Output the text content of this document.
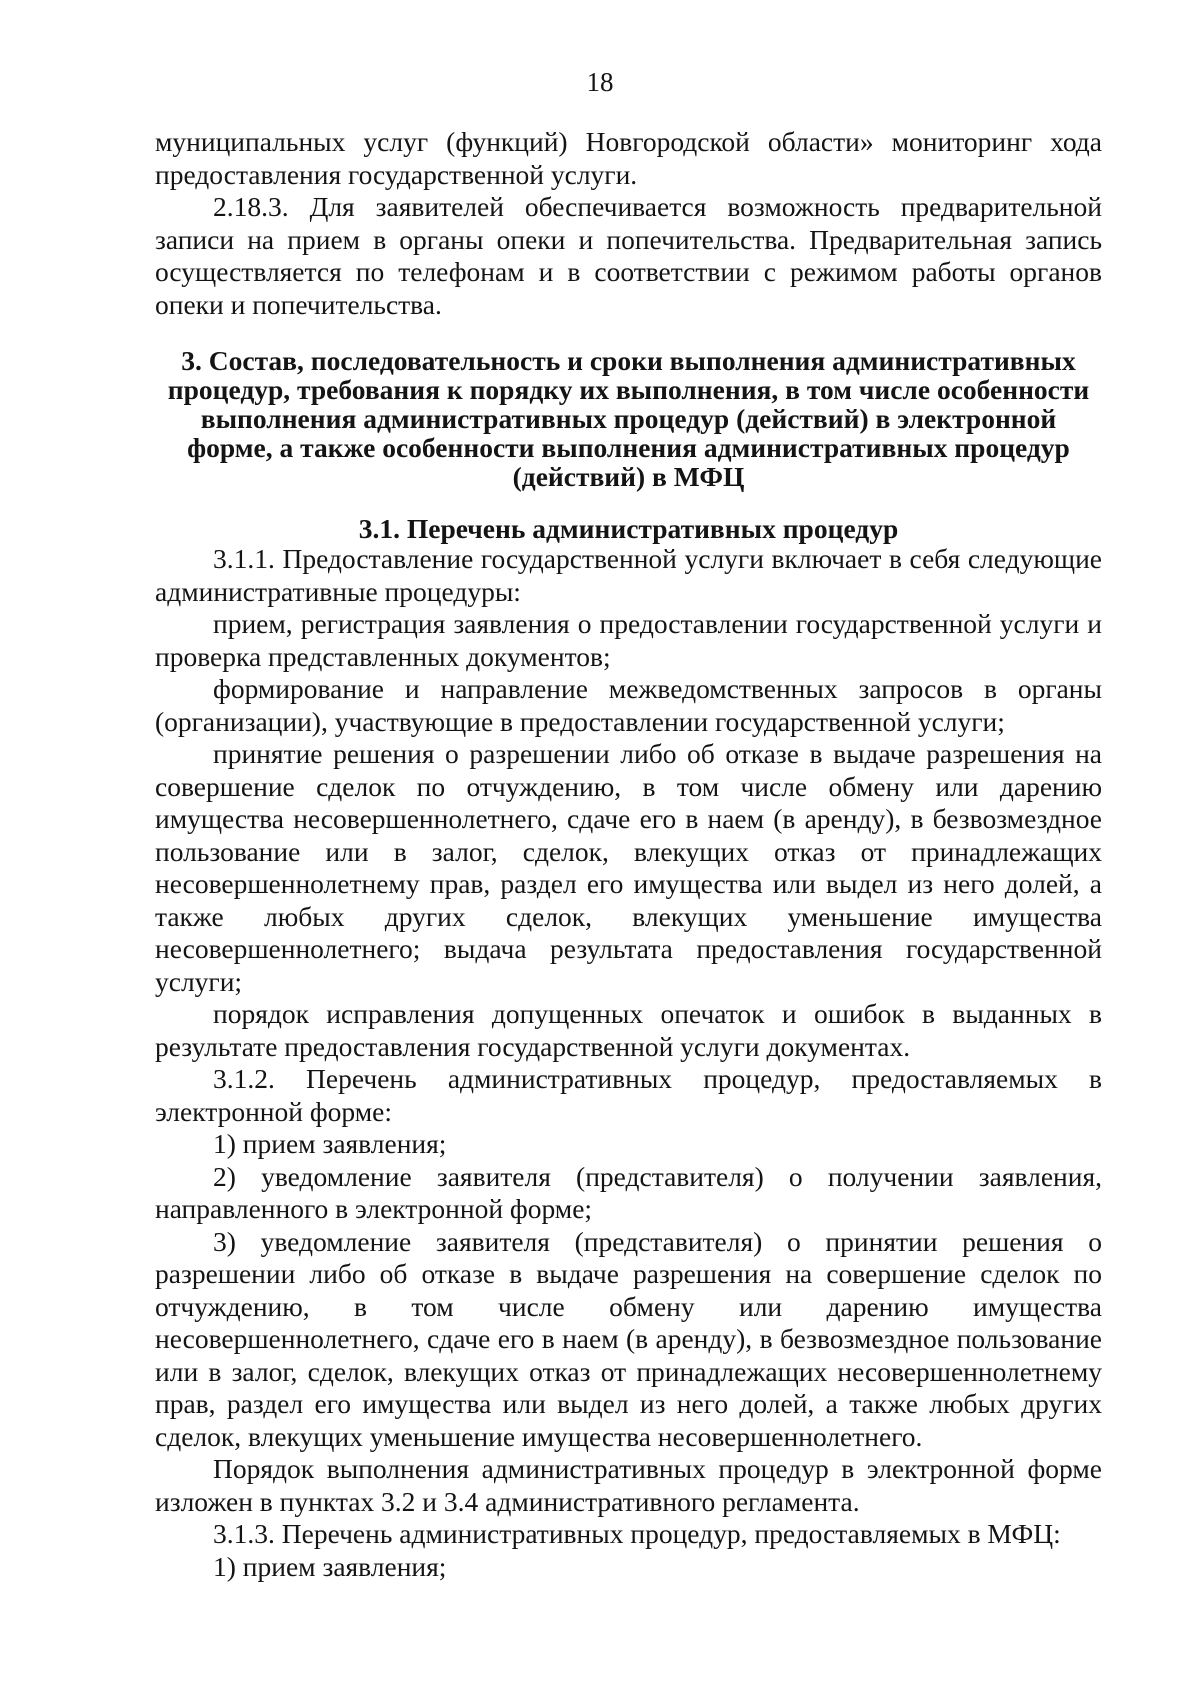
18

муниципальных услуг (функций) Новгородской области» мониторинг хода предоставления государственной услуги.

2.18.3. Для заявителей обеспечивается возможность предварительной записи на прием в органы опеки и попечительства. Предварительная запись осуществляется по телефонам и в соответствии с режимом работы органов опеки и попечительства.

3. Состав, последовательность и сроки выполнения административных процедур, требования к порядку их выполнения, в том числе особенности выполнения административных процедур (действий) в электронной форме, а также особенности выполнения административных процедур (действий) в МФЦ

3.1. Перечень административных процедур

3.1.1. Предоставление государственной услуги включает в себя следующие административные процедуры:

прием, регистрация заявления о предоставлении государственной услуги и проверка представленных документов;

формирование и направление межведомственных запросов в органы (организации), участвующие в предоставлении государственной услуги;

принятие решения о разрешении либо об отказе в выдаче разрешения на совершение сделок по отчуждению, в том числе обмену или дарению имущества несовершеннолетнего, сдаче его в наем (в аренду), в безвозмездное пользование или в залог, сделок, влекущих отказ от принадлежащих несовершеннолетнему прав, раздел его имущества или выдел из него долей, а также любых других сделок, влекущих уменьшение имущества несовершеннолетнего; выдача результата предоставления государственной услуги;

порядок исправления допущенных опечаток и ошибок в выданных в результате предоставления государственной услуги документах.

3.1.2. Перечень административных процедур, предоставляемых в электронной форме:

1) прием заявления;

2) уведомление заявителя (представителя) о получении заявления, направленного в электронной форме;

3) уведомление заявителя (представителя) о принятии решения о разрешении либо об отказе в выдаче разрешения на совершение сделок по отчуждению, в том числе обмену или дарению имущества несовершеннолетнего, сдаче его в наем (в аренду), в безвозмездное пользование или в залог, сделок, влекущих отказ от принадлежащих несовершеннолетнему прав, раздел его имущества или выдел из него долей, а также любых других сделок, влекущих уменьшение имущества несовершеннолетнего.

Порядок выполнения административных процедур в электронной форме изложен в пунктах 3.2 и 3.4 административного регламента.

3.1.3. Перечень административных процедур, предоставляемых в МФЦ:

1) прием заявления;
